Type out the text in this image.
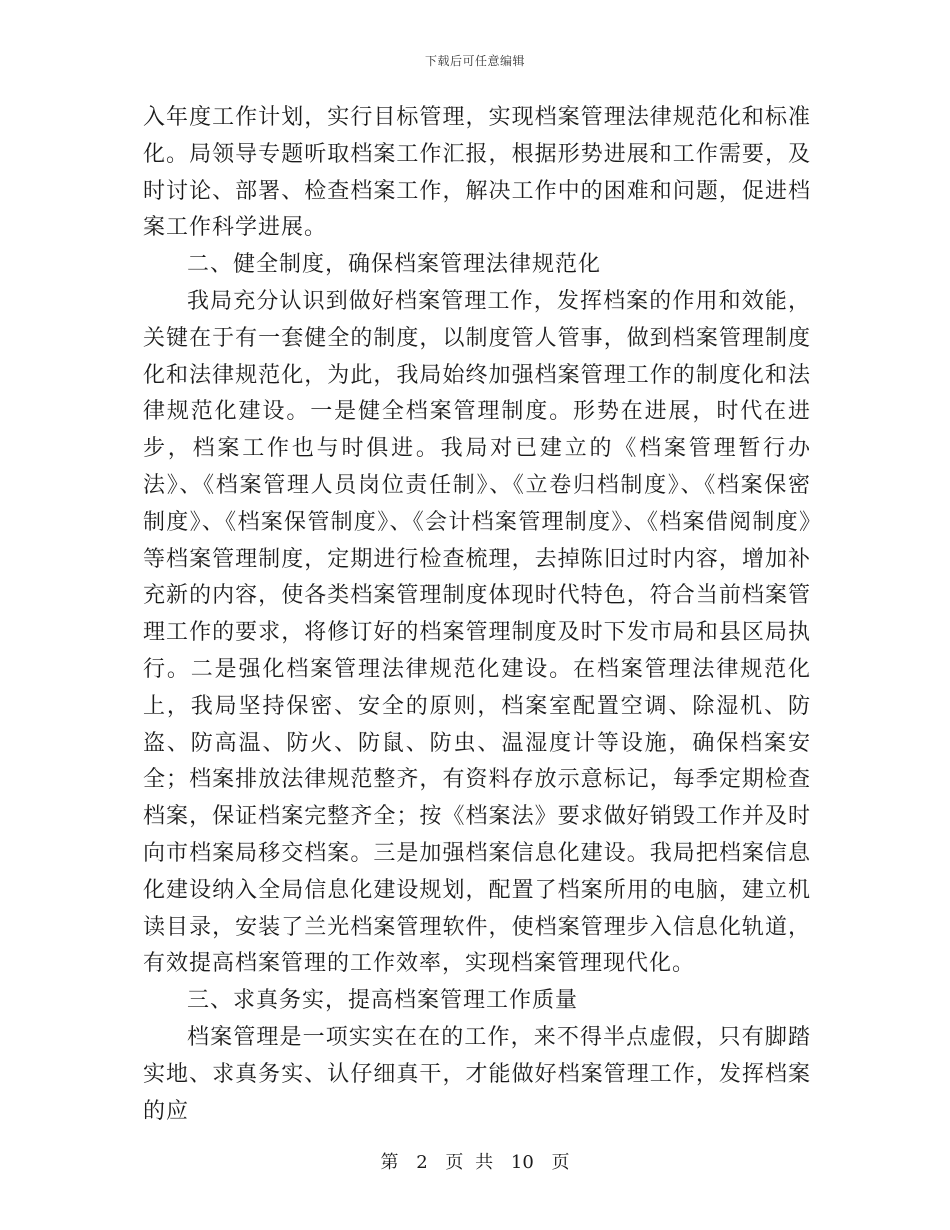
下载后可任意编辑

入年度工作计划，实行目标管理，实现档案管理法律规范化和标准化。局领导专题听取档案工作汇报，根据形势进展和工作需要，及时讨论、部署、检查档案工作，解决工作中的困难和问题，促进档案工作科学进展。

二、健全制度，确保档案管理法律规范化

我局充分认识到做好档案管理工作，发挥档案的作用和效能，关键在于有一套健全的制度，以制度管人管事，做到档案管理制度化和法律规范化，为此，我局始终加强档案管理工作的制度化和法律规范化建设。一是健全档案管理制度。形势在进展，时代在进步，档案工作也与时俱进。我局对已建立的《档案管理暂行办法》、《档案管理人员岗位责任制》、《立卷归档制度》、《档案保密制度》、《档案保管制度》、《会计档案管理制度》、《档案借阅制度》等档案管理制度，定期进行检查梳理，去掉陈旧过时内容，增加补充新的内容，使各类档案管理制度体现时代特色，符合当前档案管理工作的要求，将修订好的档案管理制度及时下发市局和县区局执行。二是强化档案管理法律规范化建设。在档案管理法律规范化上，我局坚持保密、安全的原则，档案室配置空调、除湿机、防盗、防高温、防火、防鼠、防虫、温湿度计等设施，确保档案安全；档案排放法律规范整齐，有资料存放示意标记，每季定期检查档案，保证档案完整齐全；按《档案法》要求做好销毁工作并及时向市档案局移交档案。三是加强档案信息化建设。我局把档案信息化建设纳入全局信息化建设规划，配置了档案所用的电脑，建立机读目录，安装了兰光档案管理软件，使档案管理步入信息化轨道，有效提高档案管理的工作效率，实现档案管理现代化。

三、求真务实，提高档案管理工作质量

档案管理是一项实实在在的工作，来不得半点虚假，只有脚踏实地、求真务实、认仔细真干，才能做好档案管理工作，发挥档案的应

第 2 页 共 10 页
